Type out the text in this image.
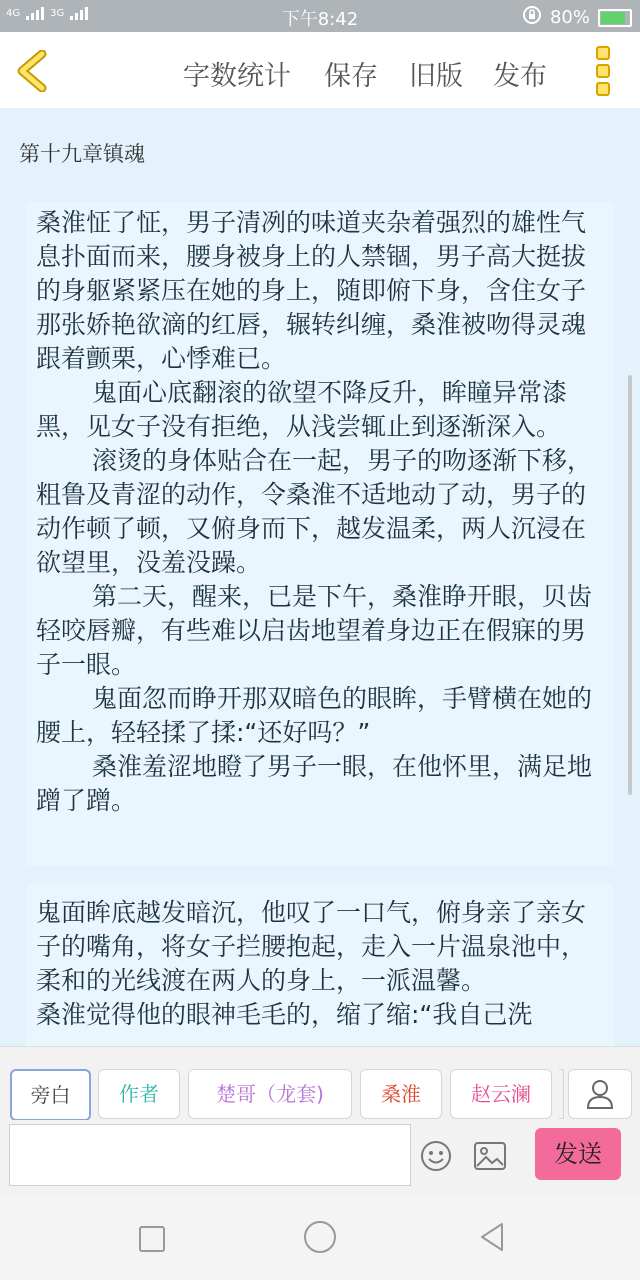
4G	3G	下午8:42	80%
字数统计 保存 旧版 发布
第十九章镇魂

桑淮怔了怔，男子清冽的味道夹杂着强烈的雄性气息扑面而来，腰身被身上的人禁锢，男子高大挺拔的身躯紧紧压在她的身上，随即俯下身，含住女子那张娇艳欲滴的红唇，辗转纠缠，桑淮被吻得灵魂跟着颤栗，心悸难已。

鬼面心底翻滚的欲望不降反升，眸瞳异常漆黑，见女子没有拒绝，从浅尝辄止到逐渐深入。

滚烫的身体贴合在一起，男子的吻逐渐下移，粗鲁及青涩的动作，令桑淮不适地动了动，男子的动作顿了顿，又俯身而下，越发温柔，两人沉浸在欲望里，没羞没躁。

第二天，醒来，已是下午，桑淮睁开眼，贝齿轻咬唇瓣，有些难以启齿地望着身边正在假寐的男子一眼。

鬼面忽而睁开那双暗色的眼眸，手臂横在她的腰上，轻轻揉了揉:“还好吗？”

桑淮羞涩地瞪了男子一眼，在他怀里，满足地蹭了蹭。

鬼面眸底越发暗沉，他叹了一口气，俯身亲了亲女子的嘴角，将女子拦腰抱起，走入一片温泉池中，柔和的光线渡在两人的身上，一派温馨。

桑淮觉得他的眼神毛毛的，缩了缩:“我自己洗

旁白	作者	楚哥（龙套)	桑淮	赵云澜
发送
